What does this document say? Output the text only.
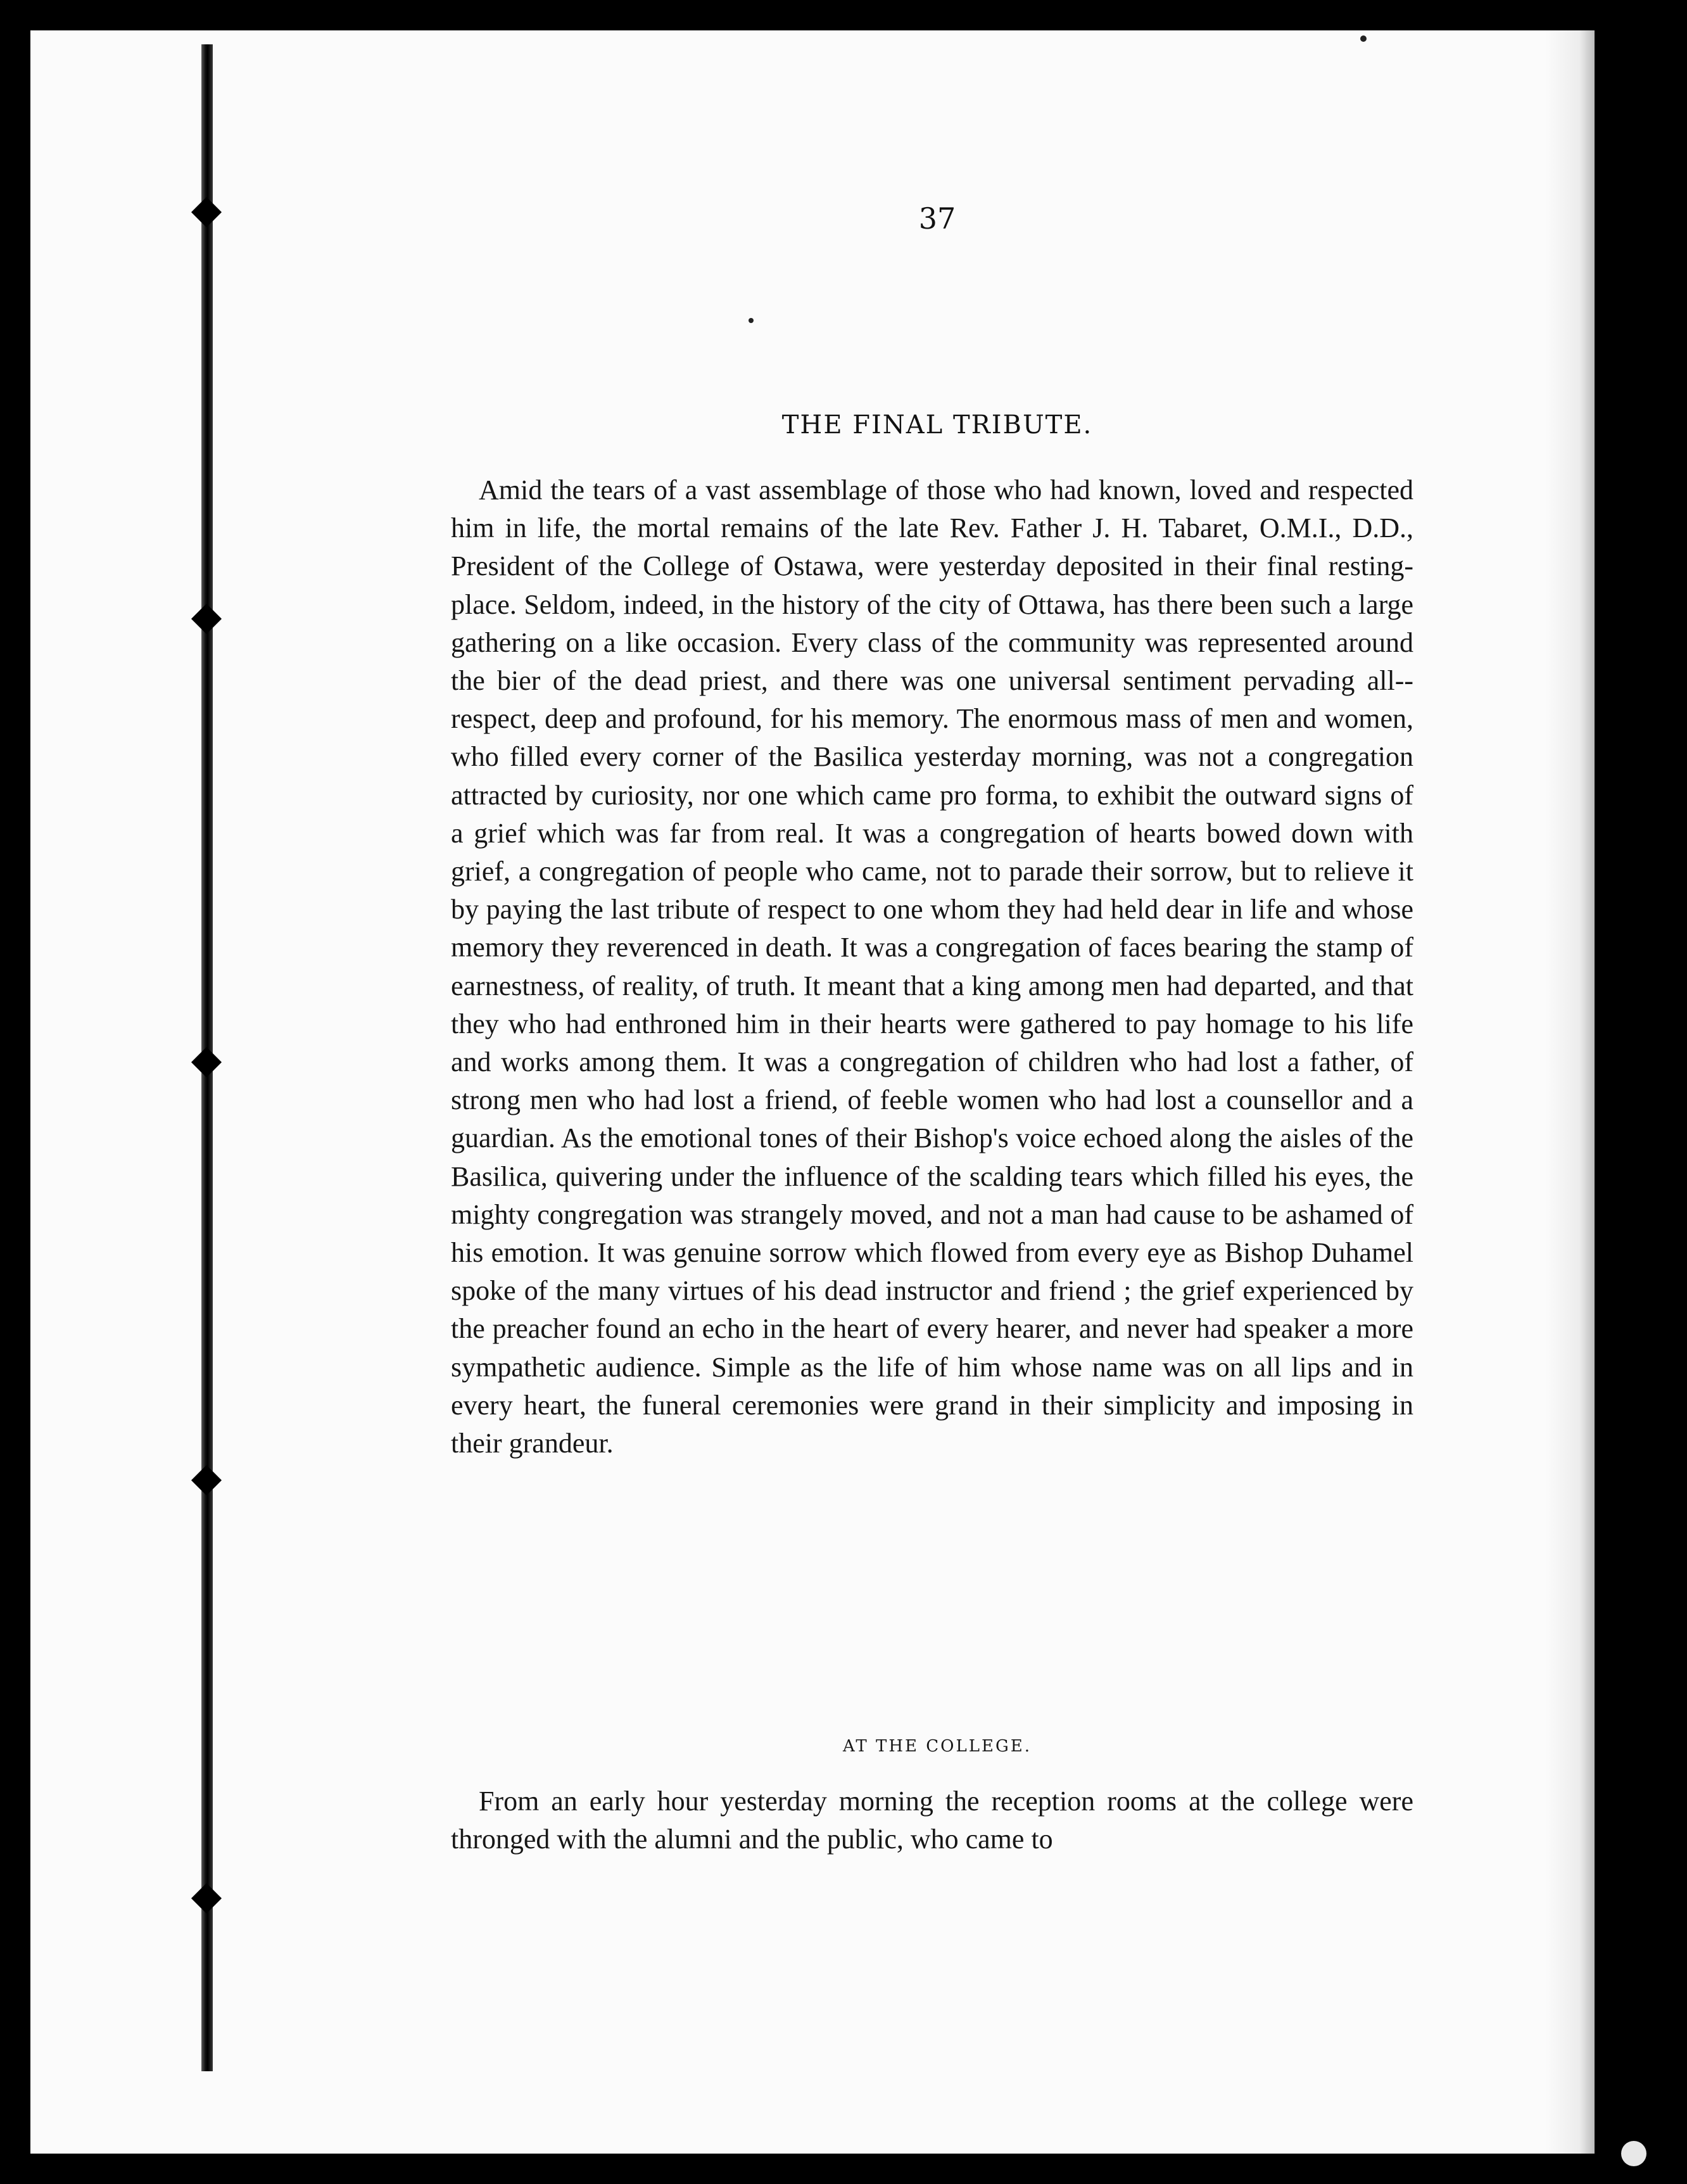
37
THE FINAL TRIBUTE.

Amid the tears of a vast assemblage of those who had known, loved and respected him in life, the mortal remains of the late Rev. Father J. H. Tabaret, O.M.I., D.D., President of the College of Ostawa, were yesterday deposited in their final resting-place. Seldom, indeed, in the history of the city of Ottawa, has there been such a large gathering on a like occasion. Every class of the community was represented around the bier of the dead priest, and there was one universal sentiment pervading all--respect, deep and profound, for his memory. The enormous mass of men and women, who filled every corner of the Basilica yesterday morning, was not a congregation attracted by curiosity, nor one which came pro forma, to exhibit the outward signs of a grief which was far from real. It was a congregation of hearts bowed down with grief, a congregation of people who came, not to parade their sorrow, but to relieve it by paying the last tribute of respect to one whom they had held dear in life and whose memory they reverenced in death. It was a congregation of faces bearing the stamp of earnestness, of reality, of truth. It meant that a king among men had departed, and that they who had enthroned him in their hearts were gathered to pay homage to his life and works among them. It was a congregation of children who had lost a father, of strong men who had lost a friend, of feeble women who had lost a counsellor and a guardian. As the emotional tones of their Bishop's voice echoed along the aisles of the Basilica, quivering under the influence of the scalding tears which filled his eyes, the mighty congregation was strangely moved, and not a man had cause to be ashamed of his emotion. It was genuine sorrow which flowed from every eye as Bishop Duhamel spoke of the many virtues of his dead instructor and friend ; the grief experienced by the preacher found an echo in the heart of every hearer, and never had speaker a more sympathetic audience. Simple as the life of him whose name was on all lips and in every heart, the funeral ceremonies were grand in their simplicity and imposing in their grandeur.

AT THE COLLEGE.

From an early hour yesterday morning the reception rooms at the college were thronged with the alumni and the public, who came to
